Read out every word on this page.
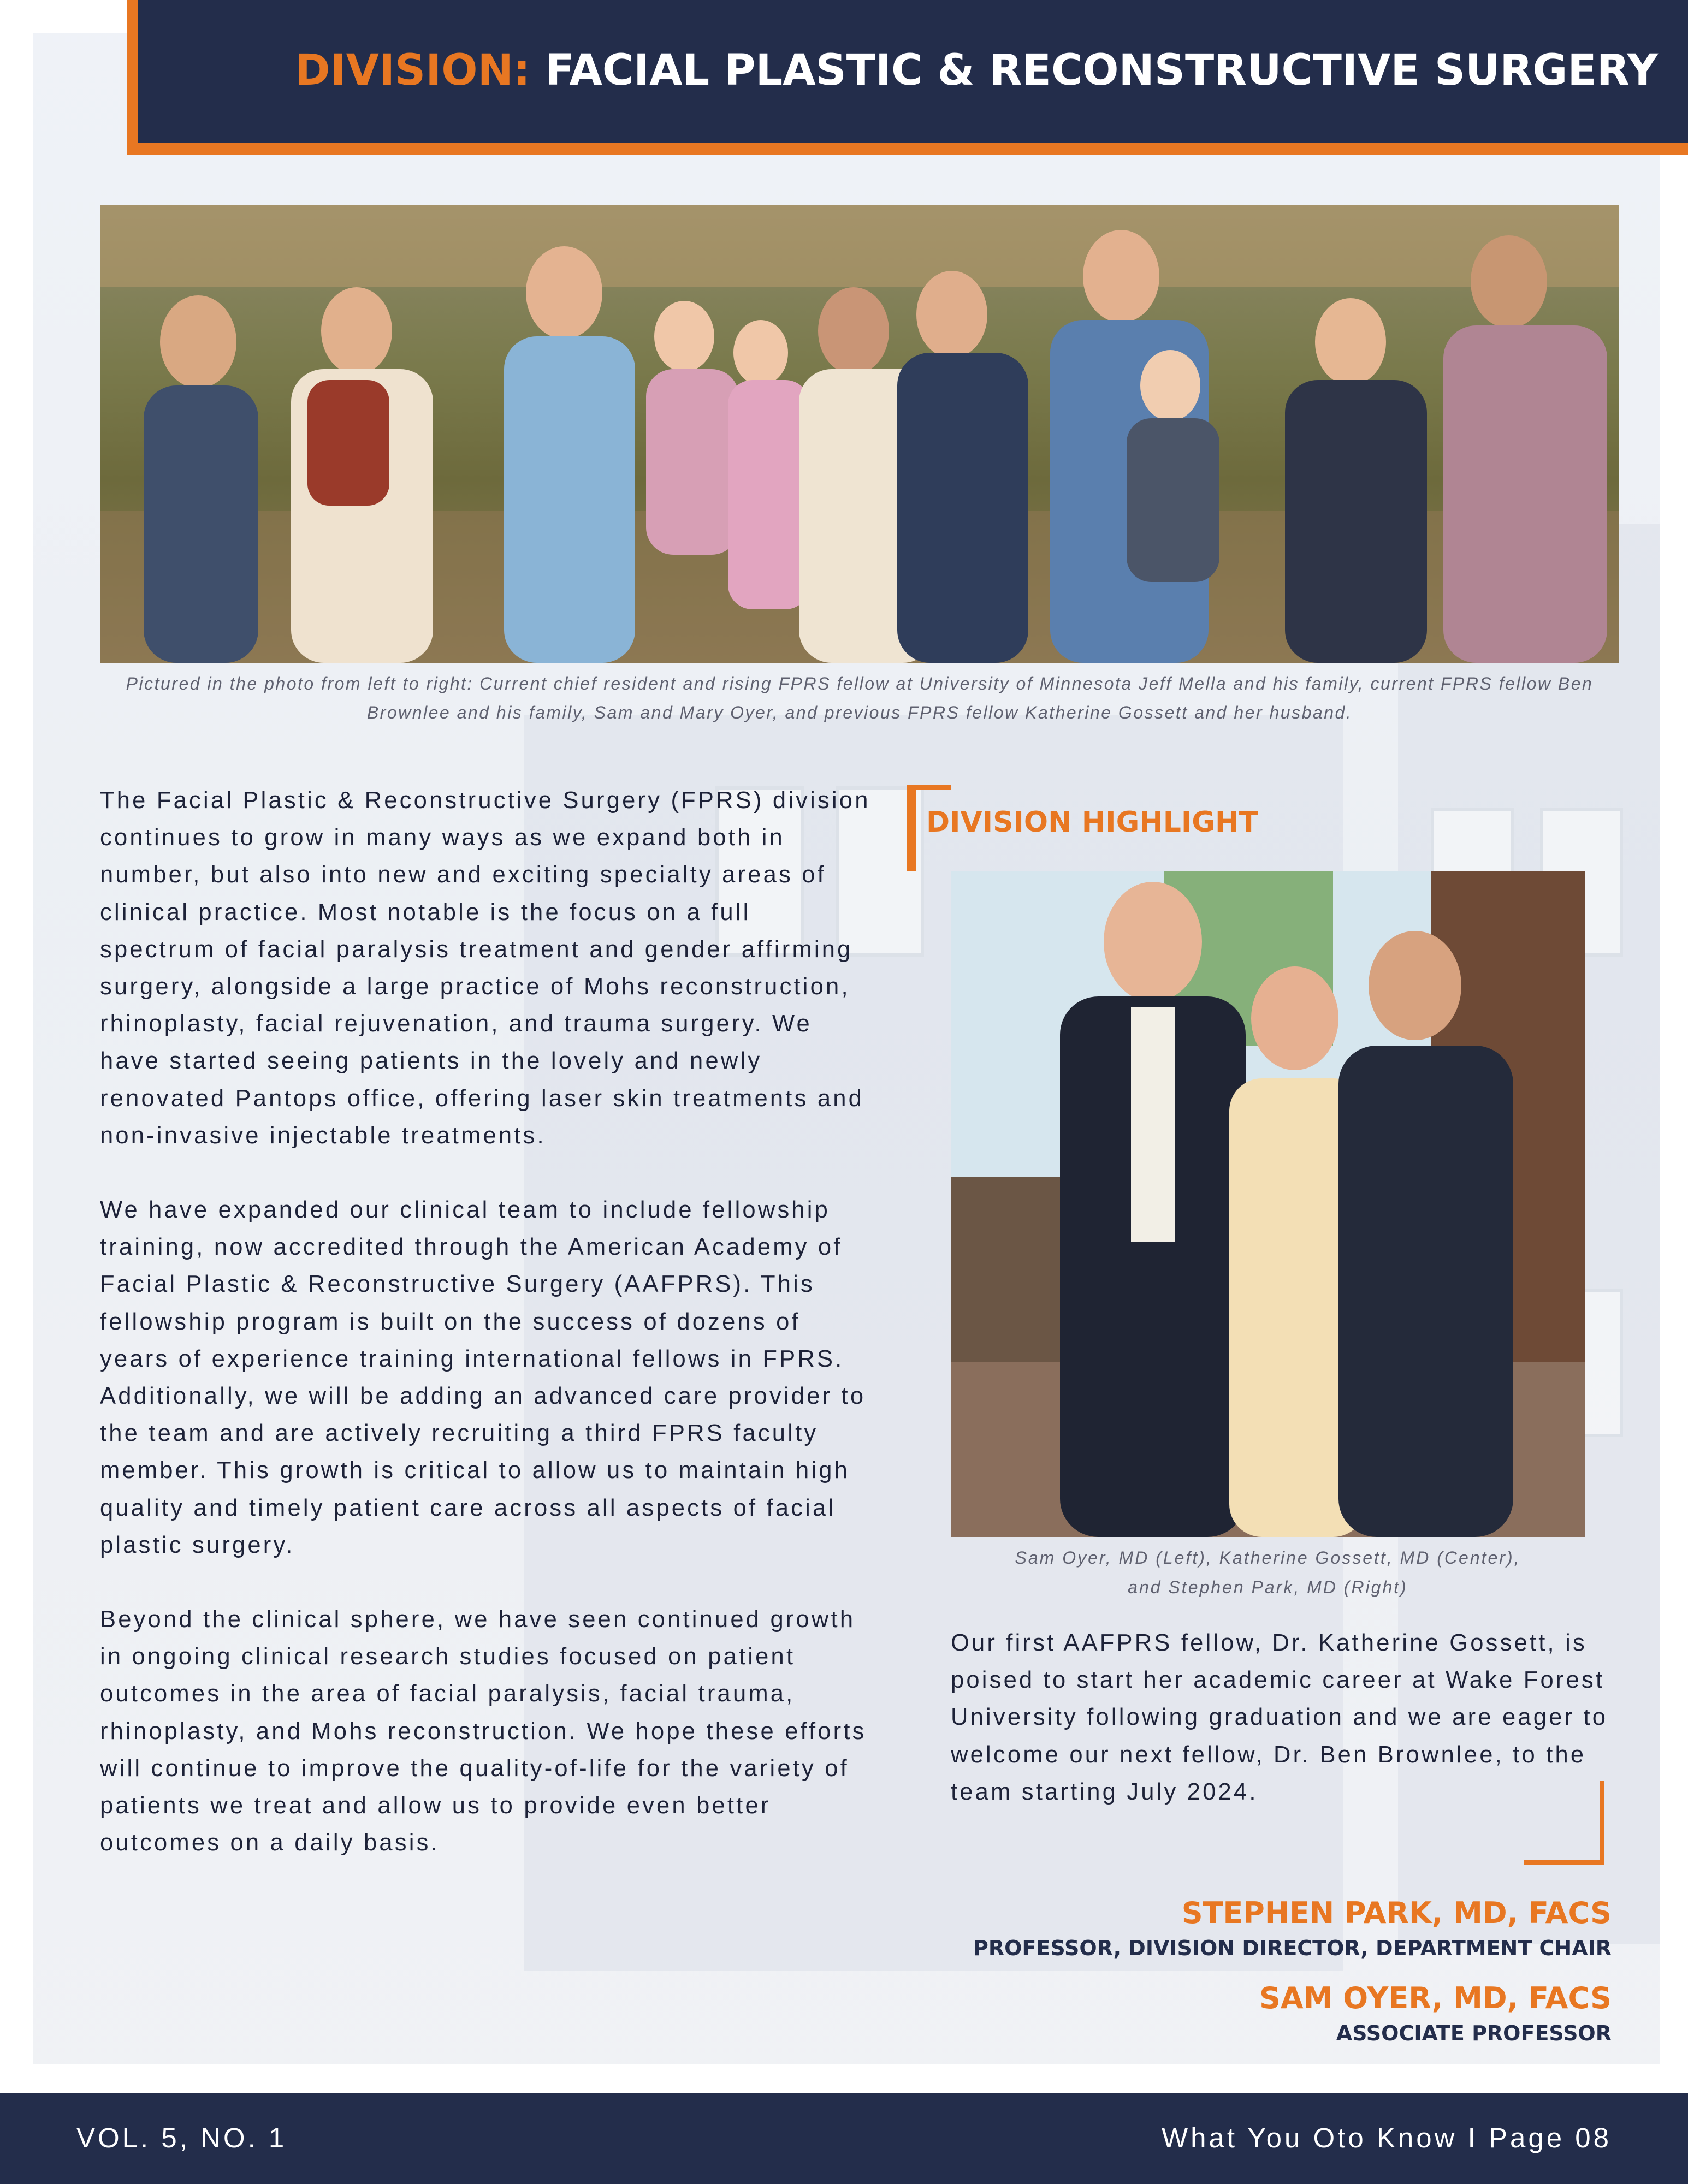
DIVISION: FACIAL PLASTIC & RECONSTRUCTIVE SURGERY
Pictured in the photo from left to right: Current chief resident and rising FPRS fellow at University of Minnesota Jeff Mella and his family, current FPRS fellow Ben Brownlee and his family, Sam and Mary Oyer, and previous FPRS fellow Katherine Gossett and her husband.

The Facial Plastic & Reconstructive Surgery (FPRS) division continues to grow in many ways as we expand both in number, but also into new and exciting specialty areas of clinical practice. Most notable is the focus on a full spectrum of facial paralysis treatment and gender affirming surgery, alongside a large practice of Mohs reconstruction, rhinoplasty, facial rejuvenation, and trauma surgery. We have started seeing patients in the lovely and newly renovated Pantops office, offering laser skin treatments and non-invasive injectable treatments.

We have expanded our clinical team to include fellowship training, now accredited through the American Academy of Facial Plastic & Reconstructive Surgery (AAFPRS). This fellowship program is built on the success of dozens of years of experience training international fellows in FPRS. Additionally, we will be adding an advanced care provider to the team and are actively recruiting a third FPRS faculty member. This growth is critical to allow us to maintain high quality and timely patient care across all aspects of facial plastic surgery.

Beyond the clinical sphere, we have seen continued growth in ongoing clinical research studies focused on patient outcomes in the area of facial paralysis, facial trauma, rhinoplasty, and Mohs reconstruction. We hope these efforts will continue to improve the quality-of-life for the variety of patients we treat and allow us to provide even better outcomes on a daily basis.

DIVISION HIGHLIGHT
Sam Oyer, MD (Left), Katherine Gossett, MD (Center),
and Stephen Park, MD (Right)
Our first AAFPRS fellow, Dr. Katherine Gossett, is poised to start her academic career at Wake Forest University following graduation and we are eager to welcome our next fellow, Dr. Ben Brownlee, to the team starting July 2024.
STEPHEN PARK, MD, FACS
PROFESSOR, DIVISION DIRECTOR, DEPARTMENT CHAIR
SAM OYER, MD, FACS
ASSOCIATE PROFESSOR
VOL. 5, NO. 1	What You Oto Know I Page 08
